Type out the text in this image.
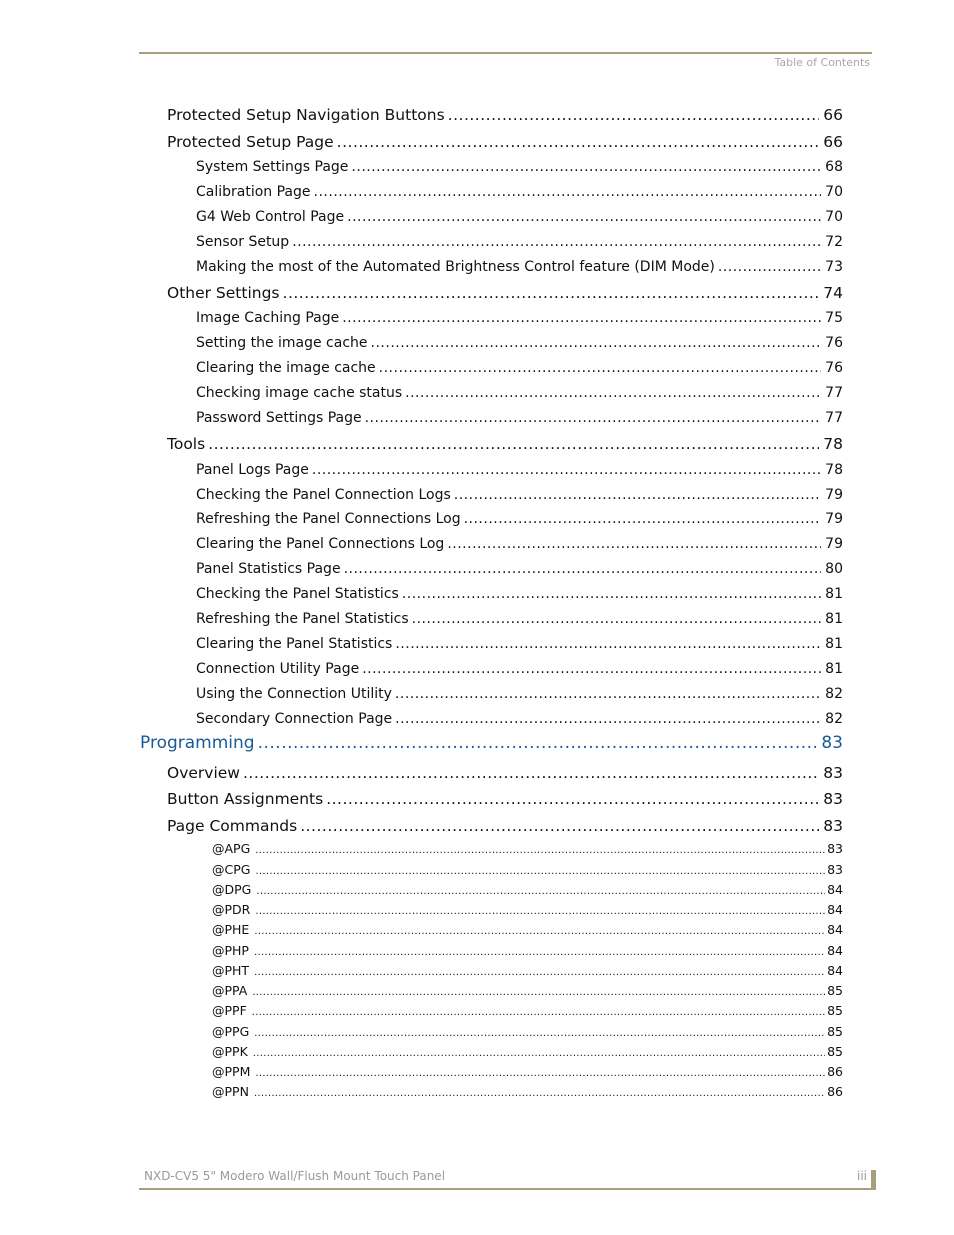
Table of Contents
Protected Setup Navigation Buttons .....	66
Protected Setup Page .....	66
System Settings Page .....	68
Calibration Page .....	70
G4 Web Control Page .....	70
Sensor Setup .....	72
Making the most of the Automated Brightness Control feature (DIM Mode) .....	73
Other Settings .....	74
Image Caching Page .....	75
Setting the image cache .....	76
Clearing the image cache .....	76
Checking image cache status .....	77
Password Settings Page .....	77
Tools .....	78
Panel Logs Page .....	78
Checking the Panel Connection Logs .....	79
Refreshing the Panel Connections Log .....	79
Clearing the Panel Connections Log .....	79
Panel Statistics Page .....	80
Checking the Panel Statistics .....	81
Refreshing the Panel Statistics .....	81
Clearing the Panel Statistics .....	81
Connection Utility Page .....	81
Using the Connection Utility .....	82
Secondary Connection Page .....	82
Programming .....	83
Overview .....	83
Button Assignments .....	83
Page Commands .....	83
@APG .....	83
@CPG .....	83
@DPG .....	84
@PDR .....	84
@PHE .....	84
@PHP .....	84
@PHT .....	84
@PPA .....	85
@PPF .....	85
@PPG .....	85
@PPK .....	85
@PPM .....	86
@PPN .....	86
NXD-CV5 5" Modero Wall/Flush Mount Touch Panel	iii
